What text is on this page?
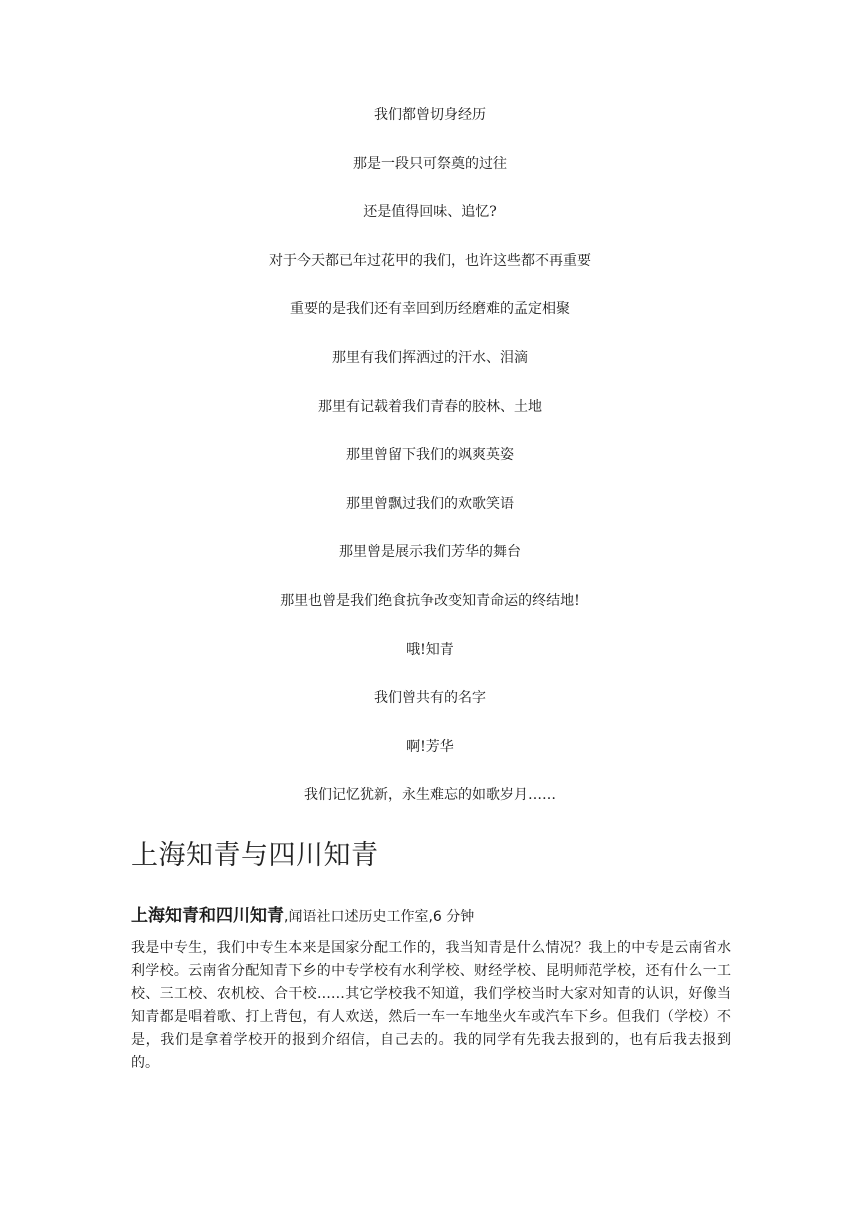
我们都曾切身经历
那是一段只可祭奠的过往
还是值得回味、追忆?
对于今天都已年过花甲的我们，也许这些都不再重要
重要的是我们还有幸回到历经磨难的孟定相聚
那里有我们挥洒过的汗水、泪滴
那里有记载着我们青春的胶林、土地
那里曾留下我们的飒爽英姿
那里曾飘过我们的欢歌笑语
那里曾是展示我们芳华的舞台
那里也曾是我们绝食抗争改变知青命运的终结地!
哦!知青
我们曾共有的名字
啊!芳华
我们记忆犹新，永生难忘的如歌岁月……
上海知青与四川知青

上海知青和四川知青,闻语社口述历史工作室,6 分钟

我是中专生，我们中专生本来是国家分配工作的，我当知青是什么情况？我上的中专是云南省水利学校。云南省分配知青下乡的中专学校有水利学校、财经学校、昆明师范学校，还有什么一工校、三工校、农机校、合干校……其它学校我不知道，我们学校当时大家对知青的认识，好像当知青都是唱着歌、打上背包，有人欢送，然后一车一车地坐火车或汽车下乡。但我们（学校）不是，我们是拿着学校开的报到介绍信，自己去的。我的同学有先我去报到的，也有后我去报到的。
